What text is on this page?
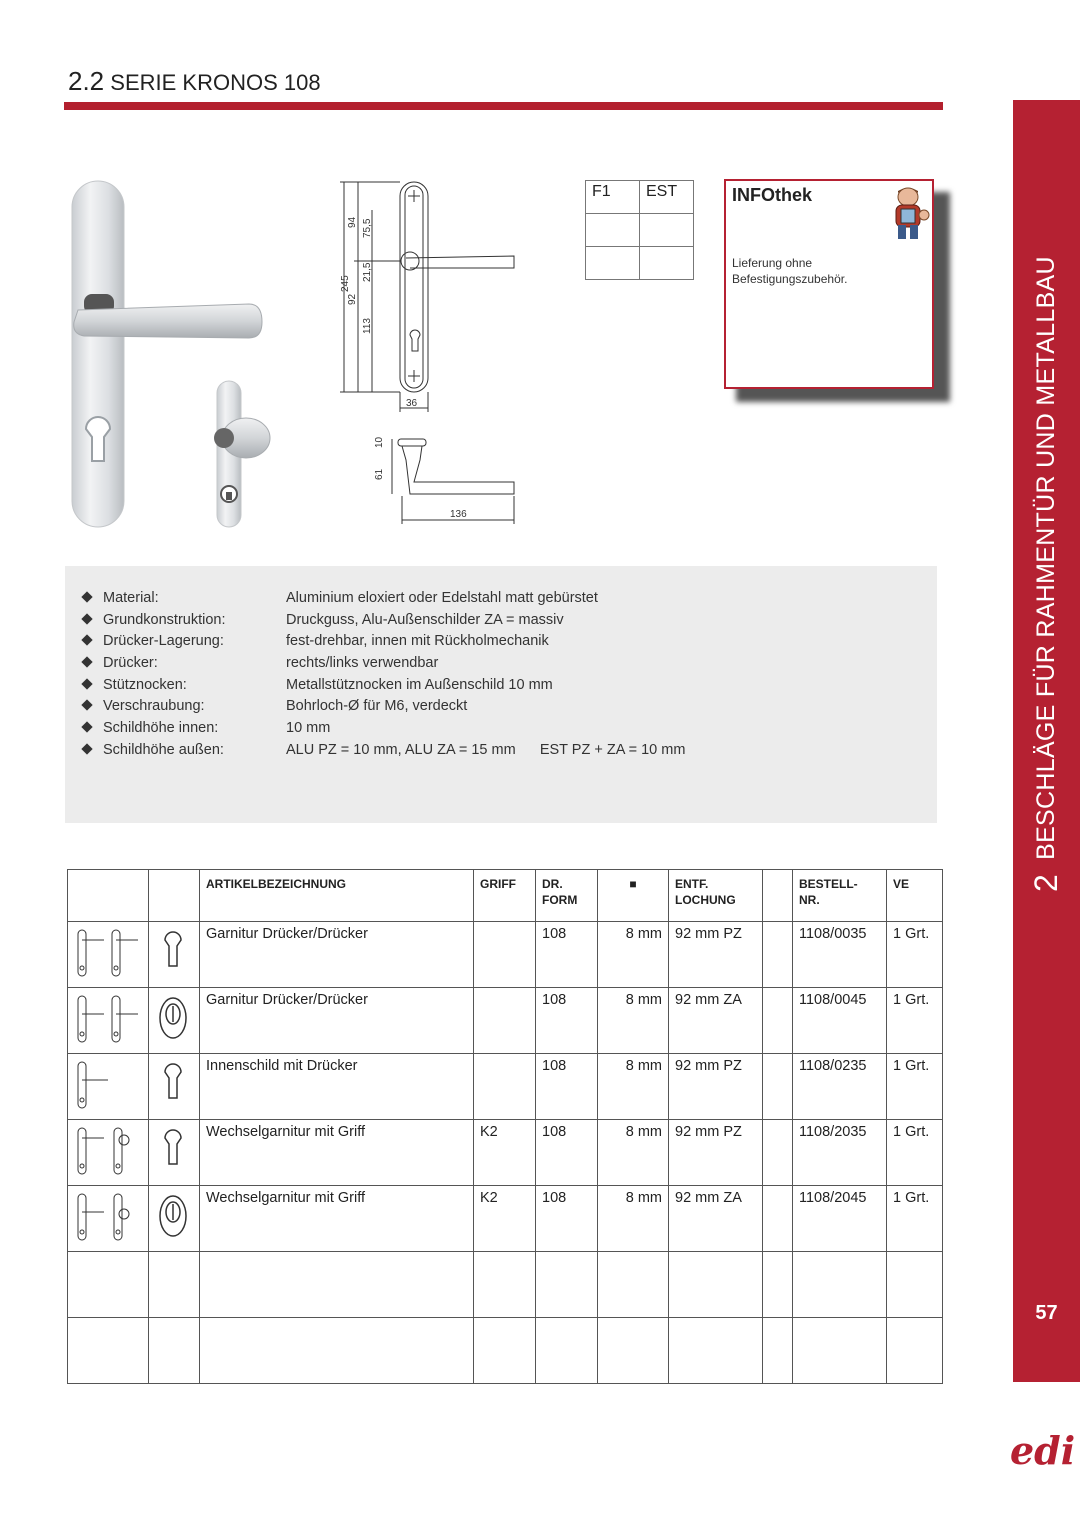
2.2 SERIE KRONOS 108
2
BESCHLÄGE FÜR RAHMENTÜR UND METALLBAU
57
edi
245
94 75,5
21,5
92
113
36
10
61
136
F1	EST

		INFOthek
Lieferung ohne Befestigungszubehör.
Material:	Aluminium eloxiert oder Edelstahl matt gebürstet
Grundkonstruktion:	Druckguss, Alu-Außenschilder ZA = massiv
Drücker-Lagerung:	fest-drehbar, innen mit Rückholmechanik
Drücker:	rechts/links verwendbar
Stütznocken:	Metallstütznocken im Außenschild 10 mm
Verschraubung:	Bohrloch-Ø für M6, verdeckt
Schildhöhe innen:	10 mm
Schildhöhe außen:	ALU PZ = 10 mm, ALU ZA = 15 mm      EST PZ + ZA = 10 mm
		ARTIKELBEZEICHNUNG	GRIFF	DR. FORM	■	ENTF. LOCHUNG		BESTELL- NR.	VE
		Garnitur Drücker/Drücker		108	8 mm	92 mm PZ		1108/0035	1 Grt.
		Garnitur Drücker/Drücker		108	8 mm	92 mm ZA		1108/0045	1 Grt.
		Innenschild mit Drücker		108	8 mm	92 mm PZ		1108/0235	1 Grt.
		Wechselgarnitur mit Griff	K2	108	8 mm	92 mm PZ		1108/2035	1 Grt.
		Wechselgarnitur mit Griff	K2	108	8 mm	92 mm ZA		1108/2045	1 Grt.
